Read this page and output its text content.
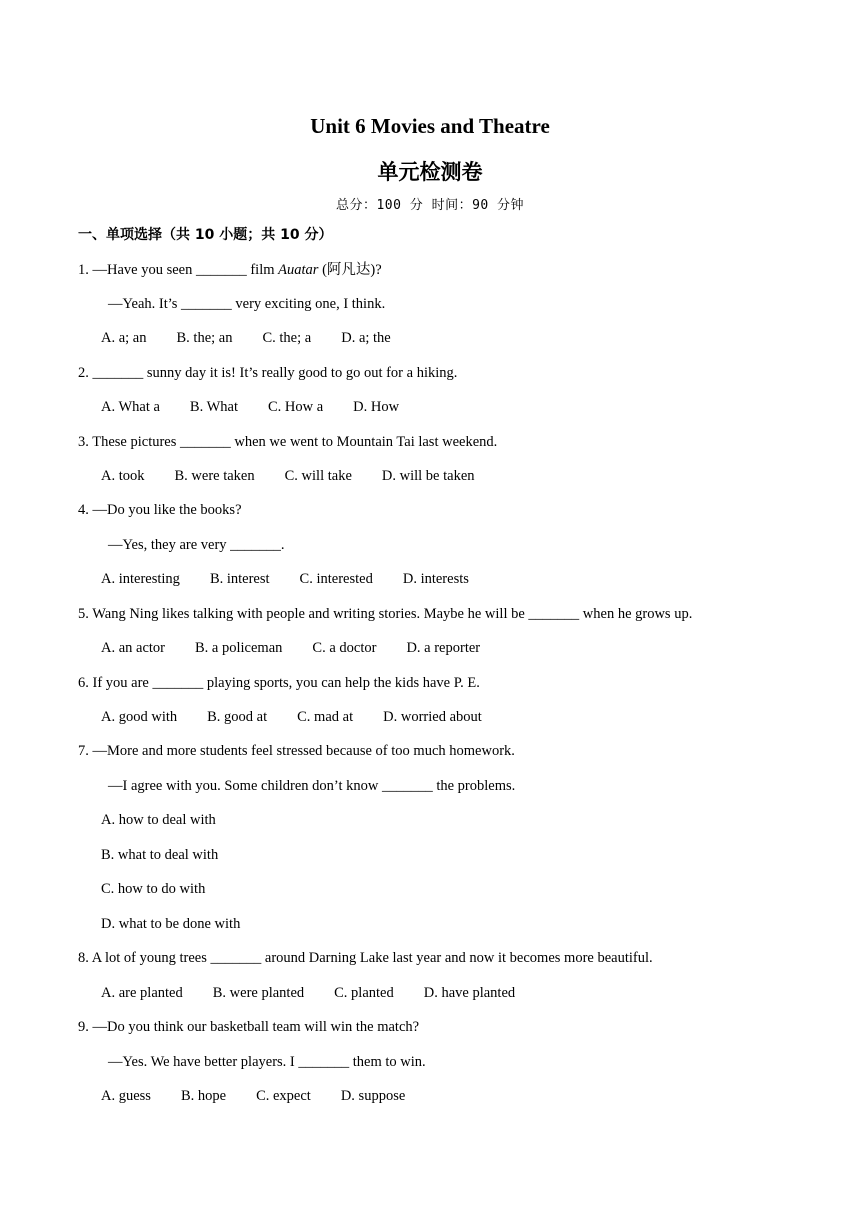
Unit 6 Movies and Theatre
单元检测卷
总分：100 分 时间：90 分钟
一、单项选择（共 10 小题；共 10 分）
1. —Have you seen _______ film Auatar (阿凡达)?
—Yeah. It’s _______ very exciting one, I think.
A. a; an B. the; an C. the; a D. a; the
2. _______ sunny day it is! It’s really good to go out for a hiking.
A. What a B. What C. How a D. How
3. These pictures _______ when we went to Mountain Tai last weekend.
A. took B. were taken C. will take D. will be taken
4. —Do you like the books?
—Yes, they are very _______.
A. interesting B. interest C. interested D. interests
5. Wang Ning likes talking with people and writing stories. Maybe he will be _______ when he grows up.
A. an actor B. a policeman C. a doctor D. a reporter
6. If you are _______ playing sports, you can help the kids have P. E.
A. good with B. good at C. mad at D. worried about
7. —More and more students feel stressed because of too much homework.
—I agree with you. Some children don’t know _______ the problems.
A. how to deal with
B. what to deal with
C. how to do with
D. what to be done with
8. A lot of young trees _______ around Darning Lake last year and now it becomes more beautiful.
A. are planted B. were planted C. planted D. have planted
9. —Do you think our basketball team will win the match?
—Yes. We have better players. I _______ them to win.
A. guess B. hope C. expect D. suppose
